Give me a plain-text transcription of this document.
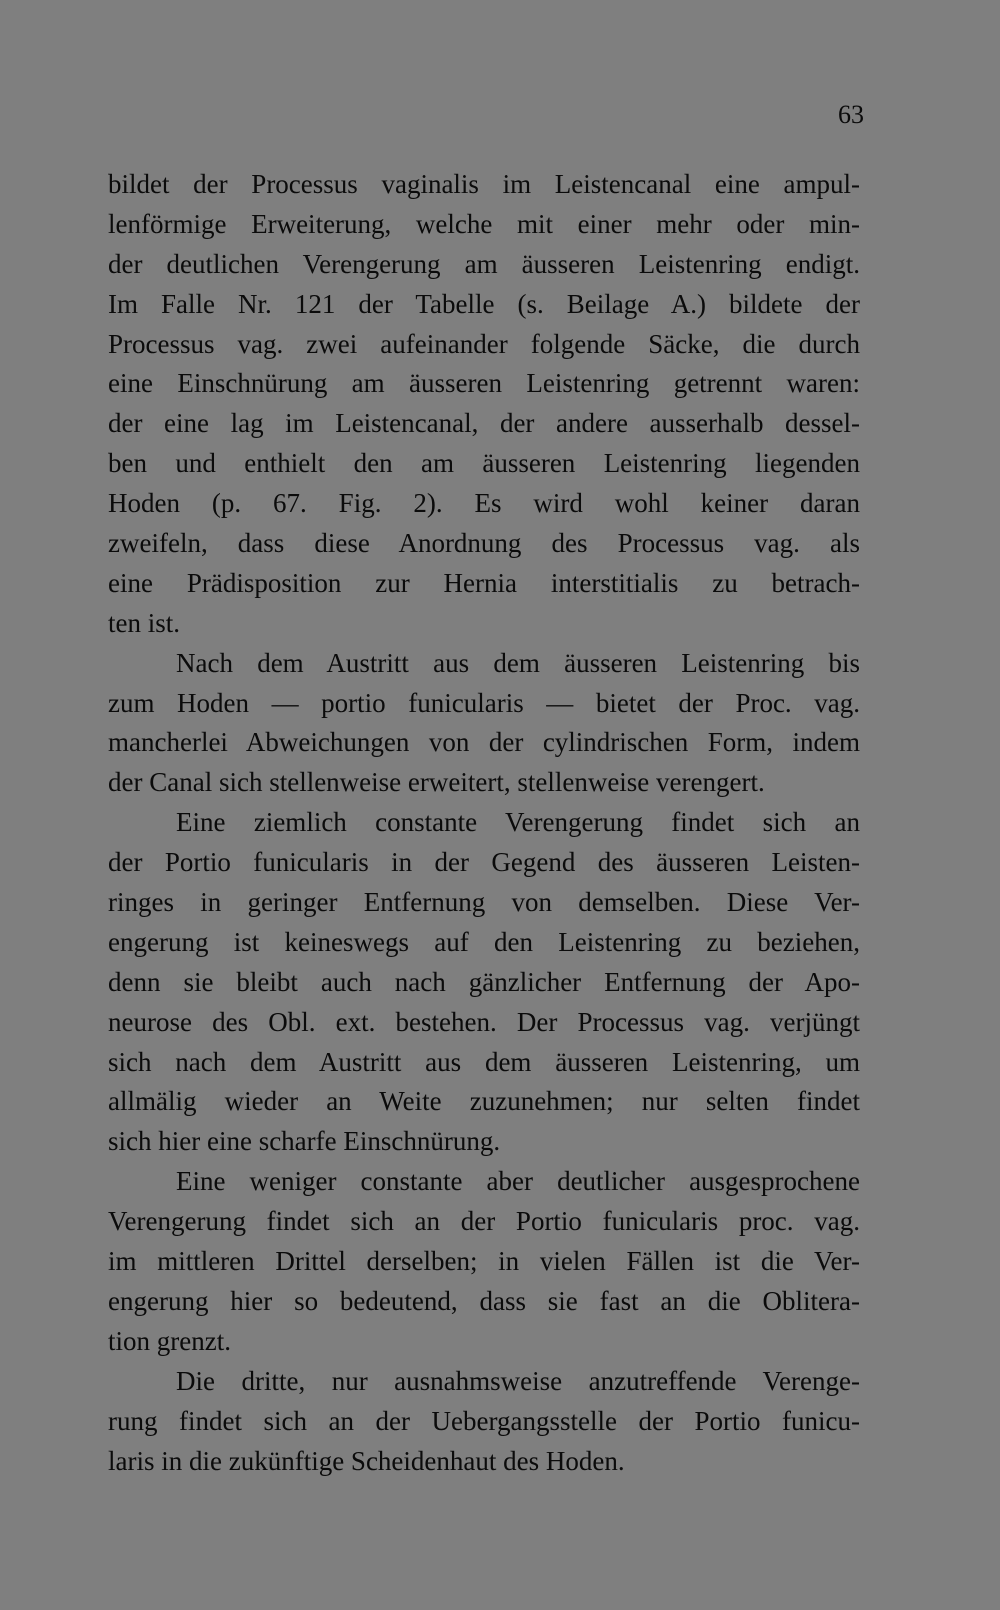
63
bildet der Processus vaginalis im Leistencanal eine ampul-
lenförmige Erweiterung, welche mit einer mehr oder min-
der deutlichen Verengerung am äusseren Leistenring endigt.
Im Falle Nr. 121 der Tabelle (s. Beilage A.) bildete der
Processus vag. zwei aufeinander folgende Säcke, die durch
eine Einschnürung am äusseren Leistenring getrennt waren:
der eine lag im Leistencanal, der andere ausserhalb dessel-
ben und enthielt den am äusseren Leistenring liegenden
Hoden (p. 67. Fig. 2). Es wird wohl keiner daran
zweifeln, dass diese Anordnung des Processus vag. als
eine Prädisposition zur Hernia interstitialis zu betrach-
ten ist.
Nach dem Austritt aus dem äusseren Leistenring bis
zum Hoden — portio funicularis — bietet der Proc. vag.
mancherlei Abweichungen von der cylindrischen Form, indem
der Canal sich stellenweise erweitert, stellenweise verengert.
Eine ziemlich constante Verengerung findet sich an
der Portio funicularis in der Gegend des äusseren Leisten-
ringes in geringer Entfernung von demselben. Diese Ver-
engerung ist keineswegs auf den Leistenring zu beziehen,
denn sie bleibt auch nach gänzlicher Entfernung der Apo-
neurose des Obl. ext. bestehen. Der Processus vag. verjüngt
sich nach dem Austritt aus dem äusseren Leistenring, um
allmälig wieder an Weite zuzunehmen; nur selten findet
sich hier eine scharfe Einschnürung.
Eine weniger constante aber deutlicher ausgesprochene
Verengerung findet sich an der Portio funicularis proc. vag.
im mittleren Drittel derselben; in vielen Fällen ist die Ver-
engerung hier so bedeutend, dass sie fast an die Oblitera-
tion grenzt.
Die dritte, nur ausnahmsweise anzutreffende Verenge-
rung findet sich an der Uebergangsstelle der Portio funicu-
laris in die zukünftige Scheidenhaut des Hoden.
